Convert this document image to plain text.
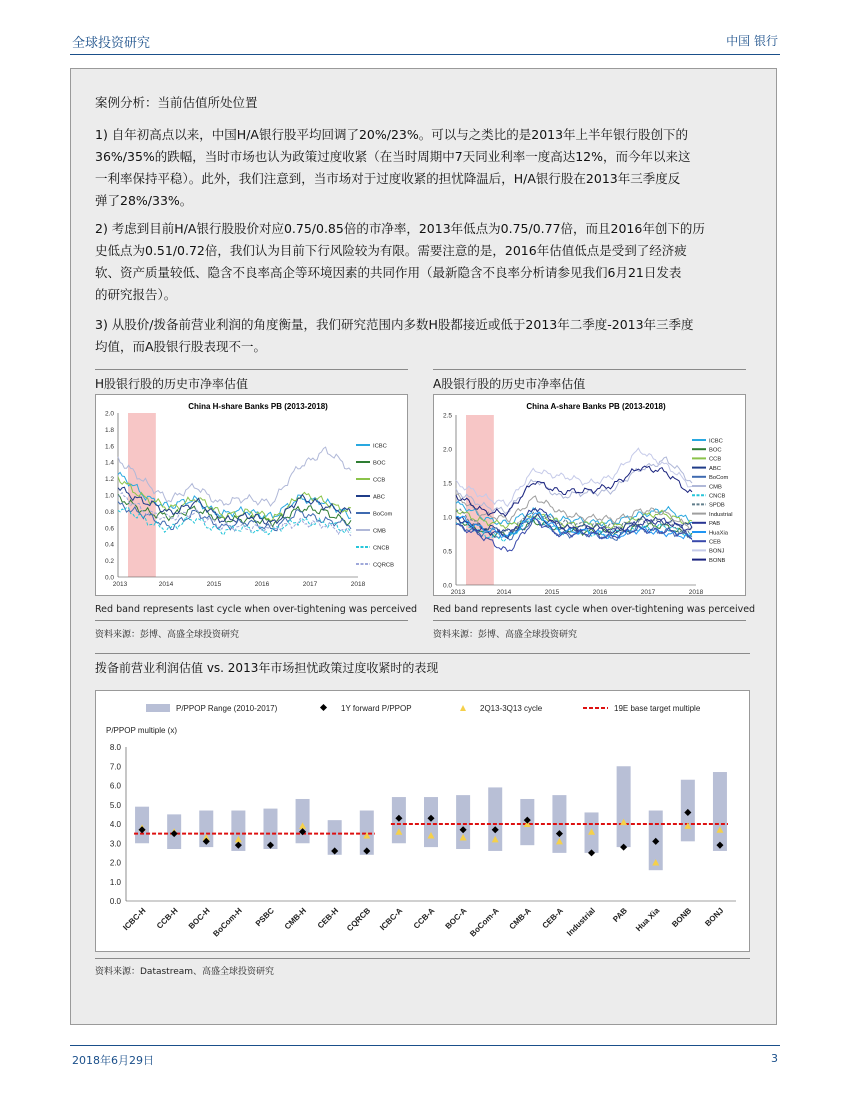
全球投资研究	中国 银行
案例分析：当前估值所处位置
1) 自年初高点以来，中国H/A银行股平均回调了20%/23%。可以与之类比的是2013年上半年银行股创下的
36%/35%的跌幅，当时市场也认为政策过度收紧（在当时周期中7天同业利率一度高达12%，而今年以来这
一利率保持平稳）。此外，我们注意到，当市场对于过度收紧的担忧降温后，H/A银行股在2013年三季度反
弹了28%/33%。
2) 考虑到目前H/A银行股股价对应0.75/0.85倍的市净率，2013年低点为0.75/0.77倍，而且2016年创下的历
史低点为0.51/0.72倍，我们认为目前下行风险较为有限。需要注意的是，2016年估值低点是受到了经济疲
软、资产质量较低、隐含不良率高企等环境因素的共同作用（最新隐含不良率分析请参见我们6月21日发表
的研究报告）。
3) 从股价/拨备前营业利润的角度衡量，我们研究范围内多数H股都接近或低于2013年二季度-2013年三季度
均值，而A股银行股表现不一。
H股银行股的历史市净率估值
China H-share Banks PB (2013-2018)
0.0
0.2
0.4
0.6
0.8
1.0
1.2
1.4
1.6
1.8
2.0
2013	2014	2015	2016	2017	2018
ICBC
BOC
CCB
ABC
BoCom
CMB
CNCB
CQRCB
Red band represents last cycle when over-tightening was perceived
资料来源：彭博、高盛全球投资研究
A股银行股的历史市净率估值
China A-share Banks PB (2013-2018)
0.0
0.5
1.0
1.5
2.0
2.5
2013	2014	2015	2016	2017	2018
ICBC
BOC
CCB
ABC
BoCom
CMB
CNCB
SPDB
Industrial
PAB
HuaXia
CEB
BONJ
BONB
Red band represents last cycle when over-tightening was perceived
资料来源：彭博、高盛全球投资研究
拨备前营业利润估值 vs. 2013年市场担忧政策过度收紧时的表现
P/PPOP Range (2010-2017)	1Y forward P/PPOP	2Q13-3Q13 cycle	19E base target multiple
P/PPOP multiple (x)
0.0
1.0
2.0
3.0
4.0
5.0
6.0
7.0
8.0
ICBC-H CCB-H BOC-H BoCom-H PSBC CMB-H CEB-H CQRCB ICBC-A CCB-A BOC-A BoCom-A CMB-A CEB-A Industrial PAB Hua Xia BONB BONJ
资料来源：Datastream、高盛全球投资研究
2018年6月29日	3
